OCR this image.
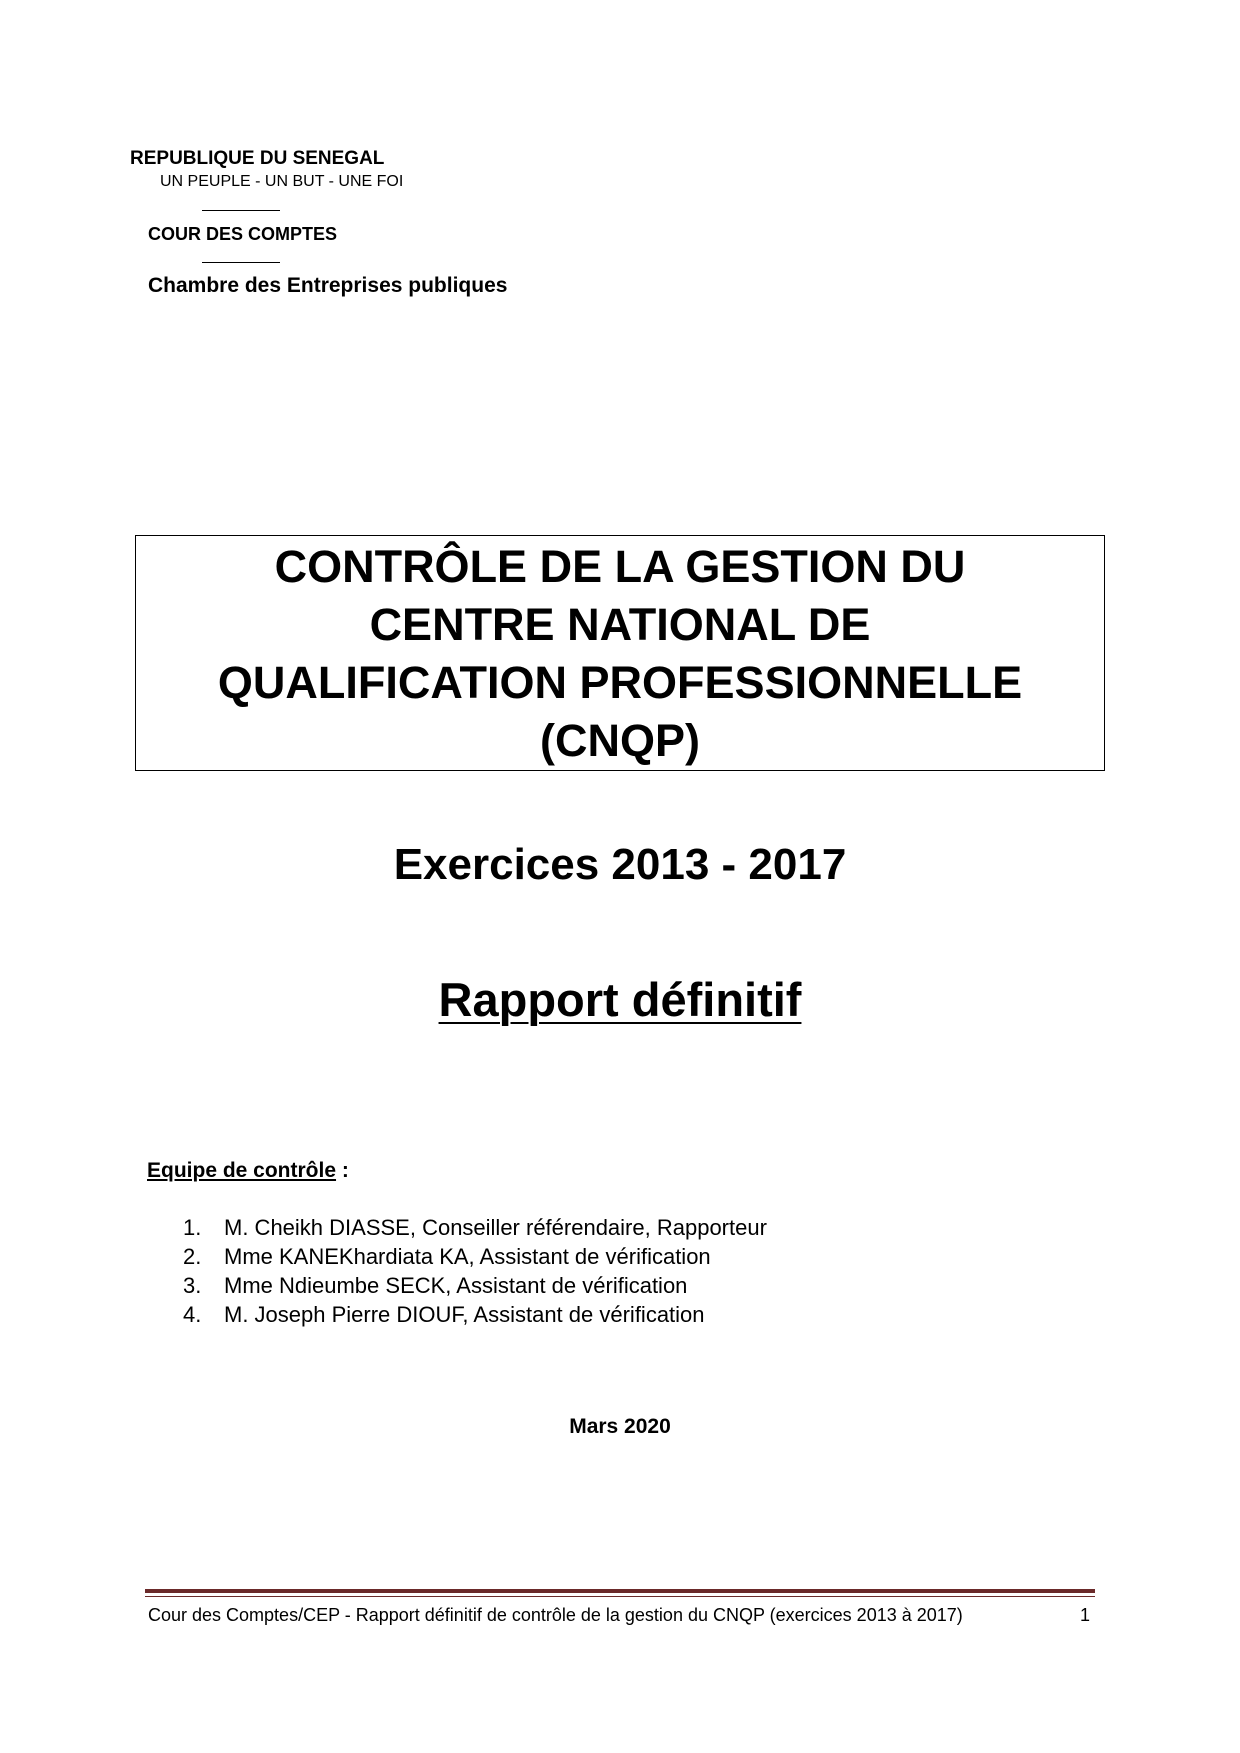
REPUBLIQUE DU SENEGAL
UN PEUPLE - UN BUT - UNE FOI
COUR DES COMPTES
Chambre des Entreprises publiques
CONTRÔLE DE LA GESTION DU
CENTRE NATIONAL DE
QUALIFICATION PROFESSIONNELLE
(CNQP)
Exercices 2013 - 2017
Rapport définitif
Equipe de contrôle :
1. M. Cheikh DIASSE, Conseiller référendaire, Rapporteur
2. Mme KANEKhardiata KA, Assistant de vérification
3. Mme Ndieumbe SECK, Assistant de vérification
4. M. Joseph Pierre DIOUF, Assistant de vérification
Mars 2020
Cour des Comptes/CEP - Rapport définitif de contrôle de la gestion du CNQP (exercices 2013 à 2017)	1
